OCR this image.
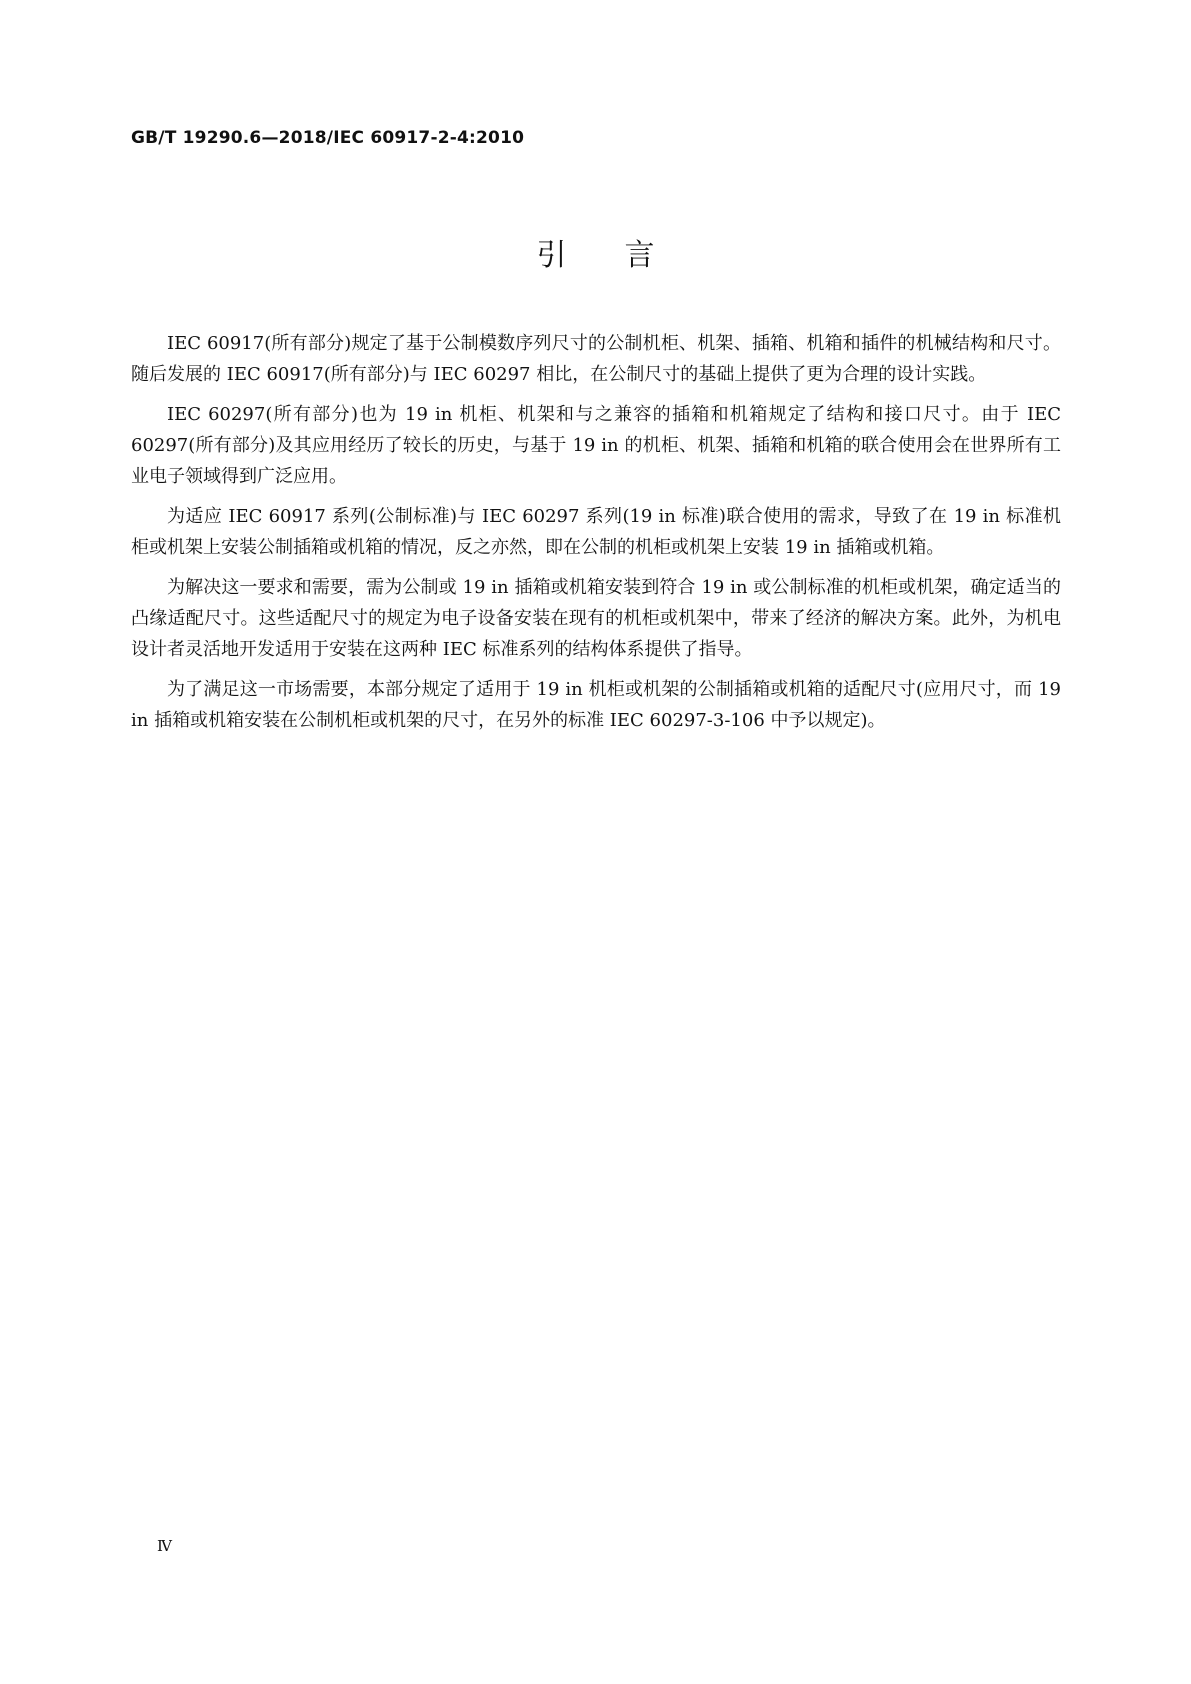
GB/T 19290.6—2018/IEC 60917-2-4:2010
引言

IEC 60917(所有部分)规定了基于公制模数序列尺寸的公制机柜、机架、插箱、机箱和插件的机械结构和尺寸。随后发展的 IEC 60917(所有部分)与 IEC 60297 相比，在公制尺寸的基础上提供了更为合理的设计实践。

IEC 60297(所有部分)也为 19 in 机柜、机架和与之兼容的插箱和机箱规定了结构和接口尺寸。由于 IEC 60297(所有部分)及其应用经历了较长的历史，与基于 19 in 的机柜、机架、插箱和机箱的联合使用会在世界所有工业电子领域得到广泛应用。

为适应 IEC 60917 系列(公制标准)与 IEC 60297 系列(19 in 标准)联合使用的需求，导致了在 19 in 标准机柜或机架上安装公制插箱或机箱的情况，反之亦然，即在公制的机柜或机架上安装 19 in 插箱或机箱。

为解决这一要求和需要，需为公制或 19 in 插箱或机箱安装到符合 19 in 或公制标准的机柜或机架，确定适当的凸缘适配尺寸。这些适配尺寸的规定为电子设备安装在现有的机柜或机架中，带来了经济的解决方案。此外，为机电设计者灵活地开发适用于安装在这两种 IEC 标准系列的结构体系提供了指导。

为了满足这一市场需要，本部分规定了适用于 19 in 机柜或机架的公制插箱或机箱的适配尺寸(应用尺寸，而 19 in 插箱或机箱安装在公制机柜或机架的尺寸，在另外的标准 IEC 60297-3-106 中予以规定)。

Ⅳ
